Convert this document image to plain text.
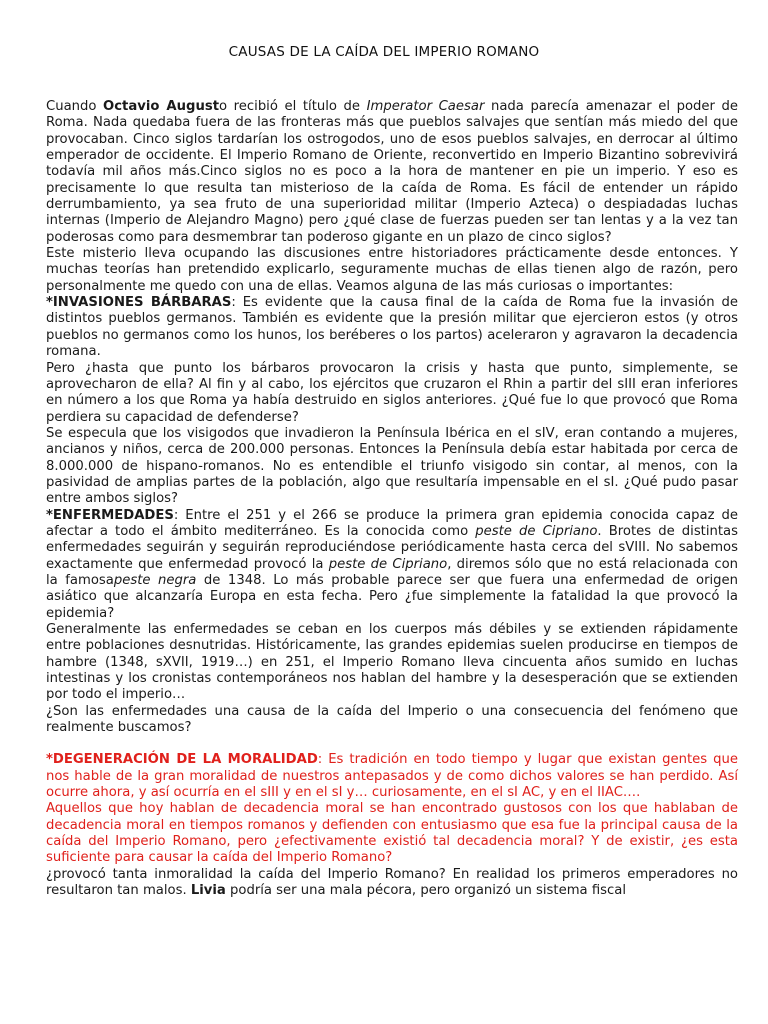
CAUSAS DE LA CAÍDA DEL IMPERIO ROMANO

Cuando Octavio Augusto recibió el título de Imperator Caesar nada parecía amenazar el poder de Roma. Nada quedaba fuera de las fronteras más que pueblos salvajes que sentían más miedo del que provocaban. Cinco siglos tardarían los ostrogodos, uno de esos pueblos salvajes, en derrocar al último emperador de occidente. El Imperio Romano de Oriente, reconvertido en Imperio Bizantino sobrevivirá todavía mil años más.Cinco siglos no es poco a la hora de mantener en pie un imperio. Y eso es precisamente lo que resulta tan misterioso de la caída de Roma. Es fácil de entender un rápido derrumbamiento, ya sea fruto de una superioridad militar (Imperio Azteca) o despiadadas luchas internas (Imperio de Alejandro Magno) pero ¿qué clase de fuerzas pueden ser tan lentas y a la vez tan poderosas como para desmembrar tan poderoso gigante en un plazo de cinco siglos?

Este misterio lleva ocupando las discusiones entre historiadores prácticamente desde entonces. Y muchas teorías han pretendido explicarlo, seguramente muchas de ellas tienen algo de razón, pero personalmente me quedo con una de ellas. Veamos alguna de las más curiosas o importantes:

*INVASIONES BÁRBARAS: Es evidente que la causa final de la caída de Roma fue la invasión de distintos pueblos germanos. También es evidente que la presión militar que ejercieron estos (y otros pueblos no germanos como los hunos, los beréberes o los partos) aceleraron y agravaron la decadencia romana.

Pero ¿hasta que punto los bárbaros provocaron la crisis y hasta que punto, simplemente, se aprovecharon de ella? Al fin y al cabo, los ejércitos que cruzaron el Rhin a partir del sIII eran inferiores en número a los que Roma ya había destruido en siglos anteriores. ¿Qué fue lo que provocó que Roma perdiera su capacidad de defenderse?

Se especula que los visigodos que invadieron la Península Ibérica en el sIV, eran contando a mujeres, ancianos y niños, cerca de 200.000 personas. Entonces la Península debía estar habitada por cerca de 8.000.000 de hispano-romanos. No es entendible el triunfo visigodo sin contar, al menos, con la pasividad de amplias partes de la población, algo que resultaría impensable en el sI. ¿Qué pudo pasar entre ambos siglos?

*ENFERMEDADES: Entre el 251 y el 266 se produce la primera gran epidemia conocida capaz de afectar a todo el ámbito mediterráneo. Es la conocida como peste de Cipriano. Brotes de distintas enfermedades seguirán y seguirán reproduciéndose periódicamente hasta cerca del sVIII. No sabemos exactamente que enfermedad provocó la peste de Cipriano, diremos sólo que no está relacionada con la famosapeste negra de 1348. Lo más probable parece ser que fuera una enfermedad de origen asiático que alcanzaría Europa en esta fecha. Pero ¿fue simplemente la fatalidad la que provocó la epidemia?

Generalmente las enfermedades se ceban en los cuerpos más débiles y se extienden rápidamente entre poblaciones desnutridas. Históricamente, las grandes epidemias suelen producirse en tiempos de hambre (1348, sXVII, 1919…) en 251, el Imperio Romano lleva cincuenta años sumido en luchas intestinas y los cronistas contemporáneos nos hablan del hambre y la desesperación que se extienden por todo el imperio…

¿Son las enfermedades una causa de la caída del Imperio o una consecuencia del fenómeno que realmente buscamos?

*DEGENERACIÓN DE LA MORALIDAD: Es tradición en todo tiempo y lugar que existan gentes que nos hable de la gran moralidad de nuestros antepasados y de como dichos valores se han perdido. Así ocurre ahora, y así ocurría en el sIII y en el sI y… curiosamente, en el sI AC, y en el IIAC….

Aquellos que hoy hablan de decadencia moral se han encontrado gustosos con los que hablaban de decadencia moral en tiempos romanos y defienden con entusiasmo que esa fue la principal causa de la caída del Imperio Romano, pero ¿efectivamente existió tal decadencia moral? Y de existir, ¿es esta suficiente para causar la caída del Imperio Romano?

¿provocó tanta inmoralidad la caída del Imperio Romano? En realidad los primeros emperadores no resultaron tan malos. Livia podría ser una mala pécora, pero organizó un sistema fiscal
